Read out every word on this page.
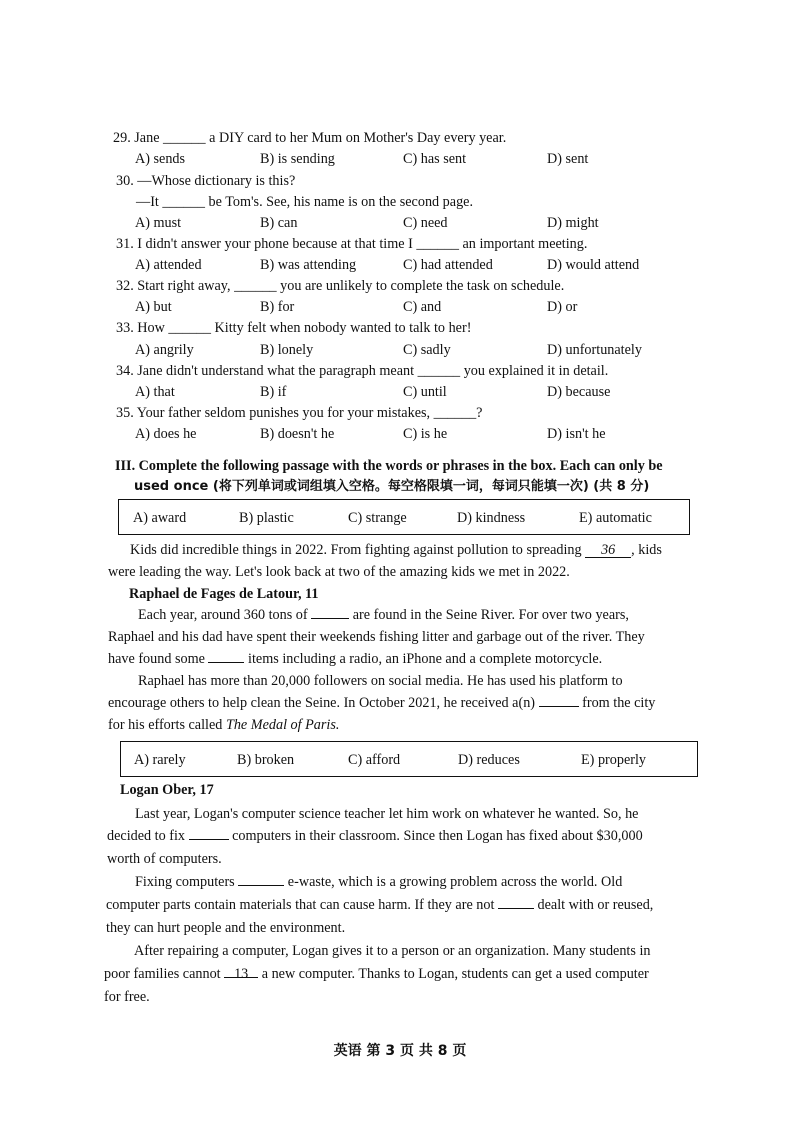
29. Jane ______ a DIY card to her Mum on Mother's Day every year.
A) sends	B) is sending	C) has sent	D) sent
30. —Whose dictionary is this?
—It ______ be Tom's. See, his name is on the second page.
A) must	B) can	C) need	D) might
31. I didn't answer your phone because at that time I ______ an important meeting.
A) attended	B) was attending	C) had attended	D) would attend
32. Start right away, ______ you are unlikely to complete the task on schedule.
A) but	B) for	C) and	D) or
33. How ______ Kitty felt when nobody wanted to talk to her!
A) angrily	B) lonely	C) sadly	D) unfortunately
34. Jane didn't understand what the paragraph meant ______ you explained it in detail.
A) that	B) if	C) until	D) because
35. Your father seldom punishes you for your mistakes, ______?
A) does he	B) doesn't he	C) is he	D) isn't he
III. Complete the following passage with the words or phrases in the box. Each can only be
used once (将下列单词或词组填入空格。每空格限填一词，每词只能填一次) (共 8 分)
A) award	B) plastic	C) strange	D) kindness	E) automatic
Kids did incredible things in 2022. From fighting against pollution to spreading 36 , kids
were leading the way. Let's look back at two of the amazing kids we met in 2022.
Raphael de Fages de Latour, 11
Each year, around 360 tons of	are found in the Seine River. For over two years,
Raphael and his dad have spent their weekends fishing litter and garbage out of the river. They
have found some	items including a radio, an iPhone and a complete motorcycle.
Raphael has more than 20,000 followers on social media. He has used his platform to
encourage others to help clean the Seine. In October 2021, he received a(n)	from the city
for his efforts called The Medal of Paris.
A) rarely	B) broken	C) afford	D) reduces	E) properly
Logan Ober, 17
Last year, Logan's computer science teacher let him work on whatever he wanted. So, he
decided to fix	computers in their classroom. Since then Logan has fixed about $30,000
worth of computers.
Fixing computers	e-waste, which is a growing problem across the world. Old
computer parts contain materials that can cause harm. If they are not	dealt with or reused,
they can hurt people and the environment.
After repairing a computer, Logan gives it to a person or an organization. Many students in
poor families cannot 13 a new computer. Thanks to Logan, students can get a used computer
for free.
英语 第 3 页 共 8 页
